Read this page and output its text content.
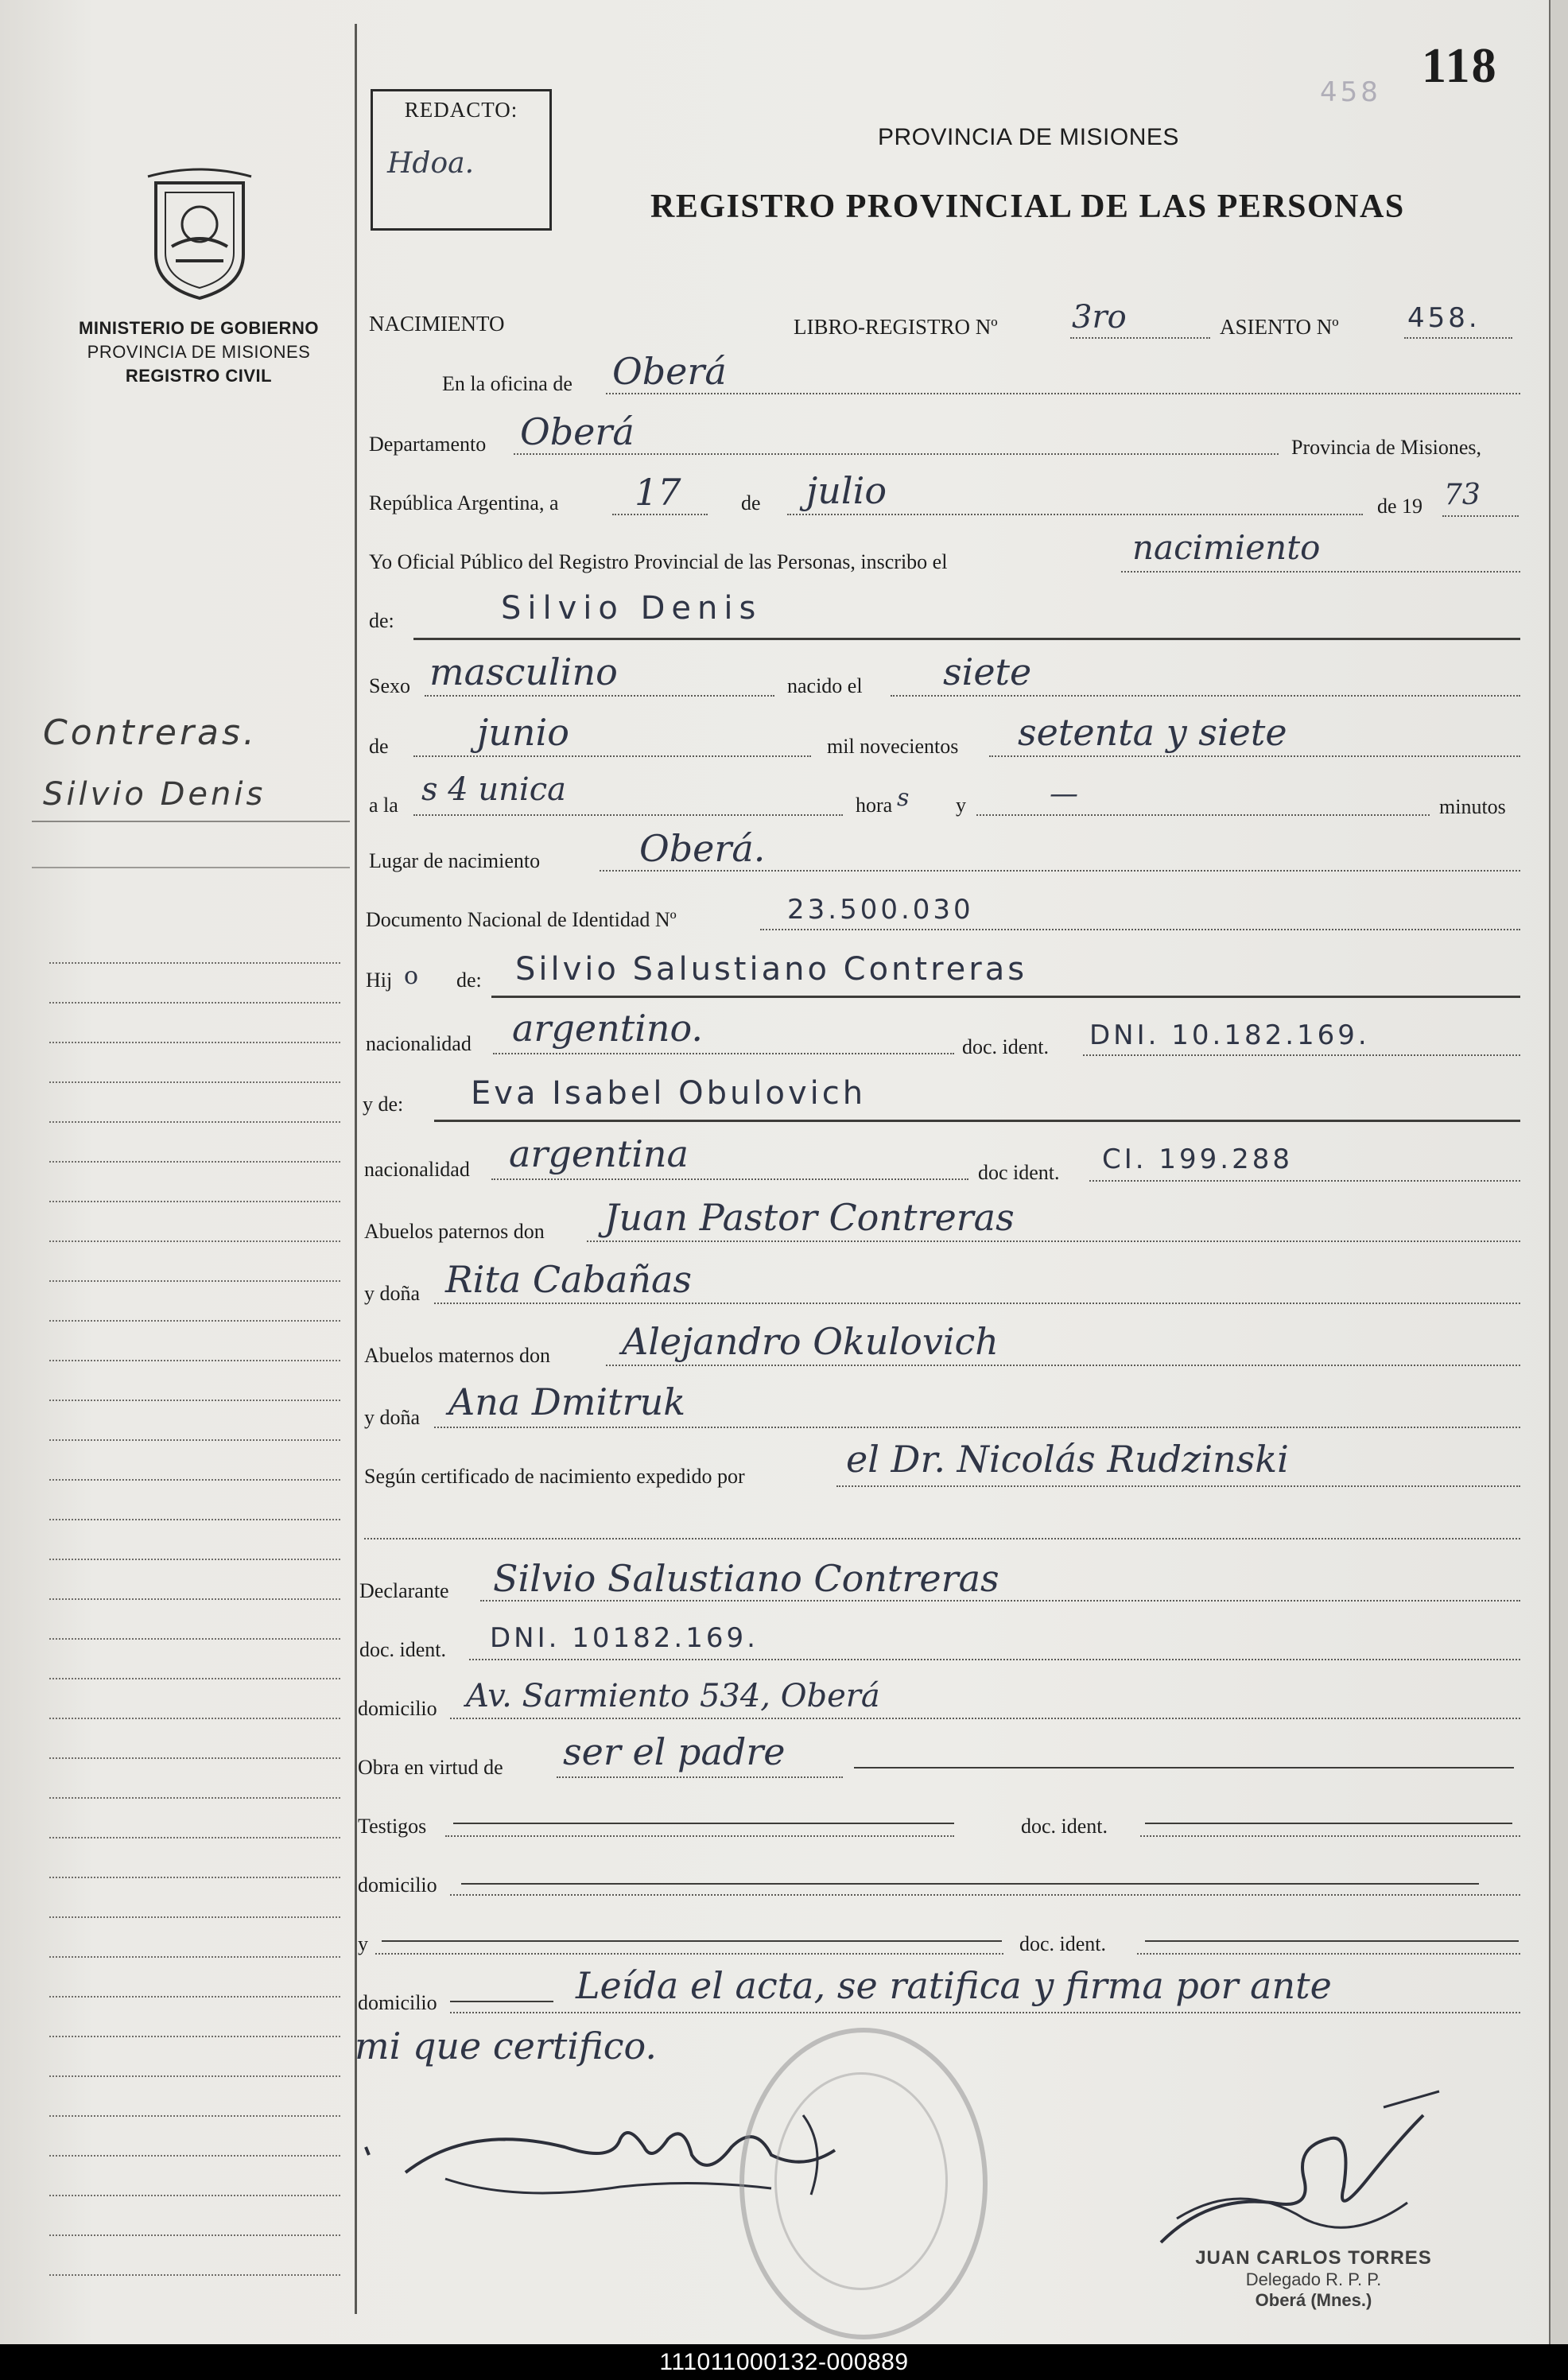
MINISTERIO DE GOBIERNO
PROVINCIA DE MISIONES
REGISTRO CIVIL
Contreras.
Silvio Denis
REDACTO:
Hdoa.
118
458
PROVINCIA DE MISIONES
REGISTRO PROVINCIAL DE LAS PERSONAS
NACIMIENTO	LIBRO-REGISTRO Nº 3ro	ASIENTO Nº	458.
En la oficina de Oberá
Departamento Oberá	Provincia de Misiones,
República Argentina, a 17	de julio	de 19 73
Yo Oficial Público del Registro Provincial de las Personas, inscribo el	nacimiento
de:	Silvio Denis
Sexo masculino	nacido el siete
de junio	mil novecientos setenta y siete
a la s 4 unica	hora s y	—	minutos
Lugar de nacimiento	Oberá.
Documento Nacional de Identidad Nº	23.500.030
Hij o de: Silvio Salustiano Contreras
nacionalidad argentino.	doc. ident. DNI. 10.182.169.
y de: Eva Isabel Obulovich
nacionalidad argentina	doc ident. CI. 199.288
Abuelos paternos don Juan Pastor Contreras
y doña Rita Cabañas
Abuelos maternos don Alejandro Okulovich
y doña Ana Dmitruk
Según certificado de nacimiento expedido por	el Dr. Nicolás Rudzinski
Declarante Silvio Salustiano Contreras
doc. ident. DNI. 10182.169.
domicilio Av. Sarmiento 534, Oberá
Obra en virtud de ser el padre
Testigos	doc. ident.
domicilio
y	doc. ident.
domicilio	Leída el acta, se ratifica y firma por ante
mi que certifico.
JUAN CARLOS TORRES
Delegado R. P. P.
Oberá (Mnes.)
111011000132-000889
